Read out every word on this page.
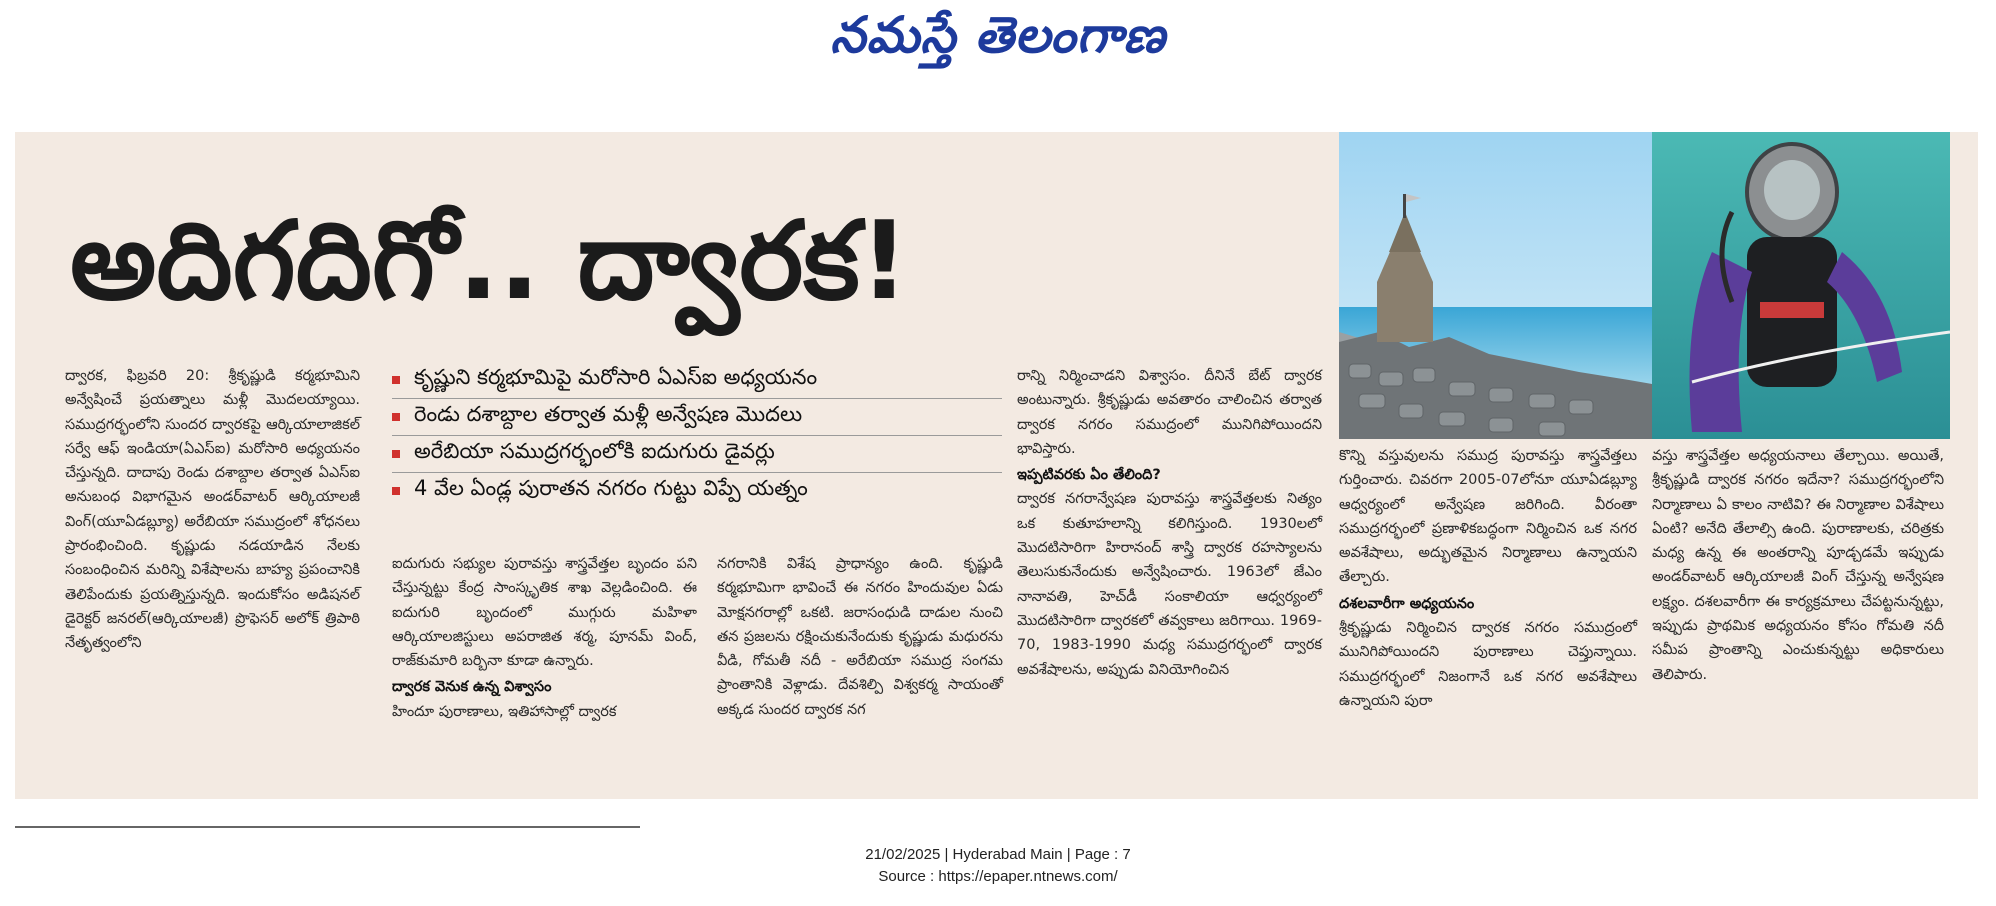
నమస్తే తెలంగాణ
అదిగదిగో.. ద్వారక!

ద్వారక, ఫిబ్రవరి 20: శ్రీకృష్ణుడి కర్మభూమిని అన్వేషించే ప్రయత్నాలు మళ్లీ మొదలయ్యాయి. సముద్రగర్భంలోని సుందర ద్వారకపై ఆర్కియాలాజికల్ సర్వే ఆఫ్ ఇండియా(ఏఎస్‌ఐ) మరోసారి అధ్యయనం చేస్తున్నది. దాదాపు రెండు దశాబ్దాల తర్వాత ఏఎస్‌ఐ అనుబంధ విభాగమైన అండర్‌వాటర్ ఆర్కియాలజీ వింగ్(యూఏడబ్ల్యూ) అరేబియా సముద్రంలో శోధనలు ప్రారంభించింది. కృష్ణుడు నడయాడిన నేలకు సంబంధించిన మరిన్ని విశేషాలను బాహ్య ప్రపంచానికి తెలిపేందుకు ప్రయత్నిస్తున్నది. ఇందుకోసం అడిషనల్ డైరెక్టర్ జనరల్(ఆర్కియాలజీ) ప్రొఫెసర్ అలోక్ త్రిపాఠి నేతృత్వంలోని

కృష్ణుని కర్మభూమిపై మరోసారి ఏఎస్‌ఐ అధ్యయనం
రెండు దశాబ్దాల తర్వాత మళ్లీ అన్వేషణ మొదలు
అరేబియా సముద్రగర్భంలోకి ఐదుగురు డైవర్లు
4 వేల ఏండ్ల పురాతన నగరం గుట్టు విప్పే యత్నం

ఐదుగురు సభ్యుల పురావస్తు శాస్త్రవేత్తల బృందం పని చేస్తున్నట్టు కేంద్ర సాంస్కృతిక శాఖ వెల్లడించింది. ఈ ఐదుగురి బృందంలో ముగ్గురు మహిళా ఆర్కియాలజిస్టులు అపరాజిత శర్మ, పూనమ్ వింద్, రాజ్‌కుమారి బర్బినా కూడా ఉన్నారు.

ద్వారక వెనుక ఉన్న విశ్వాసం

హిందూ పురాణాలు, ఇతిహాసాల్లో ద్వారక

నగరానికి విశేష ప్రాధాన్యం ఉంది. కృష్ణుడి కర్మభూమిగా భావించే ఈ నగరం హిందువుల ఏడు మోక్షనగరాల్లో ఒకటి. జరాసంధుడి దాడుల నుంచి తన ప్రజలను రక్షించుకునేందుకు కృష్ణుడు మధురను వీడి, గోమతీ నదీ - అరేబియా సముద్ర సంగమ ప్రాంతానికి వెళ్లాడు. దేవశిల్పి విశ్వకర్మ సాయంతో అక్కడ సుందర ద్వారక నగ

రాన్ని నిర్మించాడని విశ్వాసం. దీనినే బేట్ ద్వారక అంటున్నారు. శ్రీకృష్ణుడు అవతారం చాలించిన తర్వాత ద్వారక నగరం సముద్రంలో మునిగిపోయిందని భావిస్తారు.

ఇప్పటివరకు ఏం తేలింది?

ద్వారక నగరాన్వేషణ పురావస్తు శాస్త్రవేత్తలకు నిత్యం ఒక కుతూహలాన్ని కలిగిస్తుంది. 1930లలో మొదటిసారిగా హిరానంద్ శాస్త్రి ద్వారక రహస్యాలను తెలుసుకునేందుకు అన్వేషించారు. 1963లో జేఎం నానావతి, హెచ్‌డీ సంకాలియా ఆధ్వర్యంలో మొదటిసారిగా ద్వారకలో తవ్వకాలు జరిగాయి. 1969-70, 1983-1990 మధ్య సముద్రగర్భంలో ద్వారక అవశేషాలను, అప్పుడు వినియోగించిన

కొన్ని వస్తువులను సముద్ర పురావస్తు శాస్త్రవేత్తలు గుర్తించారు. చివరగా 2005-07లోనూ యూఏడబ్ల్యూ ఆధ్వర్యంలో అన్వేషణ జరిగింది. వీరంతా సముద్రగర్భంలో ప్రణాళికబద్ధంగా నిర్మించిన ఒక నగర అవశేషాలు, అద్భుతమైన నిర్మాణాలు ఉన్నాయని తేల్చారు.

దశలవారీగా అధ్యయనం

శ్రీకృష్ణుడు నిర్మించిన ద్వారక నగరం సముద్రంలో మునిగిపోయిందని పురాణాలు చెప్తున్నాయి. సముద్రగర్భంలో నిజంగానే ఒక నగర అవశేషాలు ఉన్నాయని పురా

వస్తు శాస్త్రవేత్తల అధ్యయనాలు తేల్చాయి. అయితే, శ్రీకృష్ణుడి ద్వారక నగరం ఇదేనా? సముద్రగర్భంలోని నిర్మాణాలు ఏ కాలం నాటివి? ఈ నిర్మాణాల విశేషాలు ఏంటి? అనేది తేలాల్సి ఉంది. పురాణాలకు, చరిత్రకు మధ్య ఉన్న ఈ అంతరాన్ని పూడ్చడమే ఇప్పుడు అండర్‌వాటర్ ఆర్కియాలజీ వింగ్ చేస్తున్న అన్వేషణ లక్ష్యం. దశలవారీగా ఈ కార్యక్రమాలు చేపట్టనున్నట్టు, ఇప్పుడు ప్రాథమిక అధ్యయనం కోసం గోమతి నదీ సమీప ప్రాంతాన్ని ఎంచుకున్నట్టు అధికారులు తెలిపారు.

21/02/2025 | Hyderabad Main | Page : 7
Source : https://epaper.ntnews.com/
